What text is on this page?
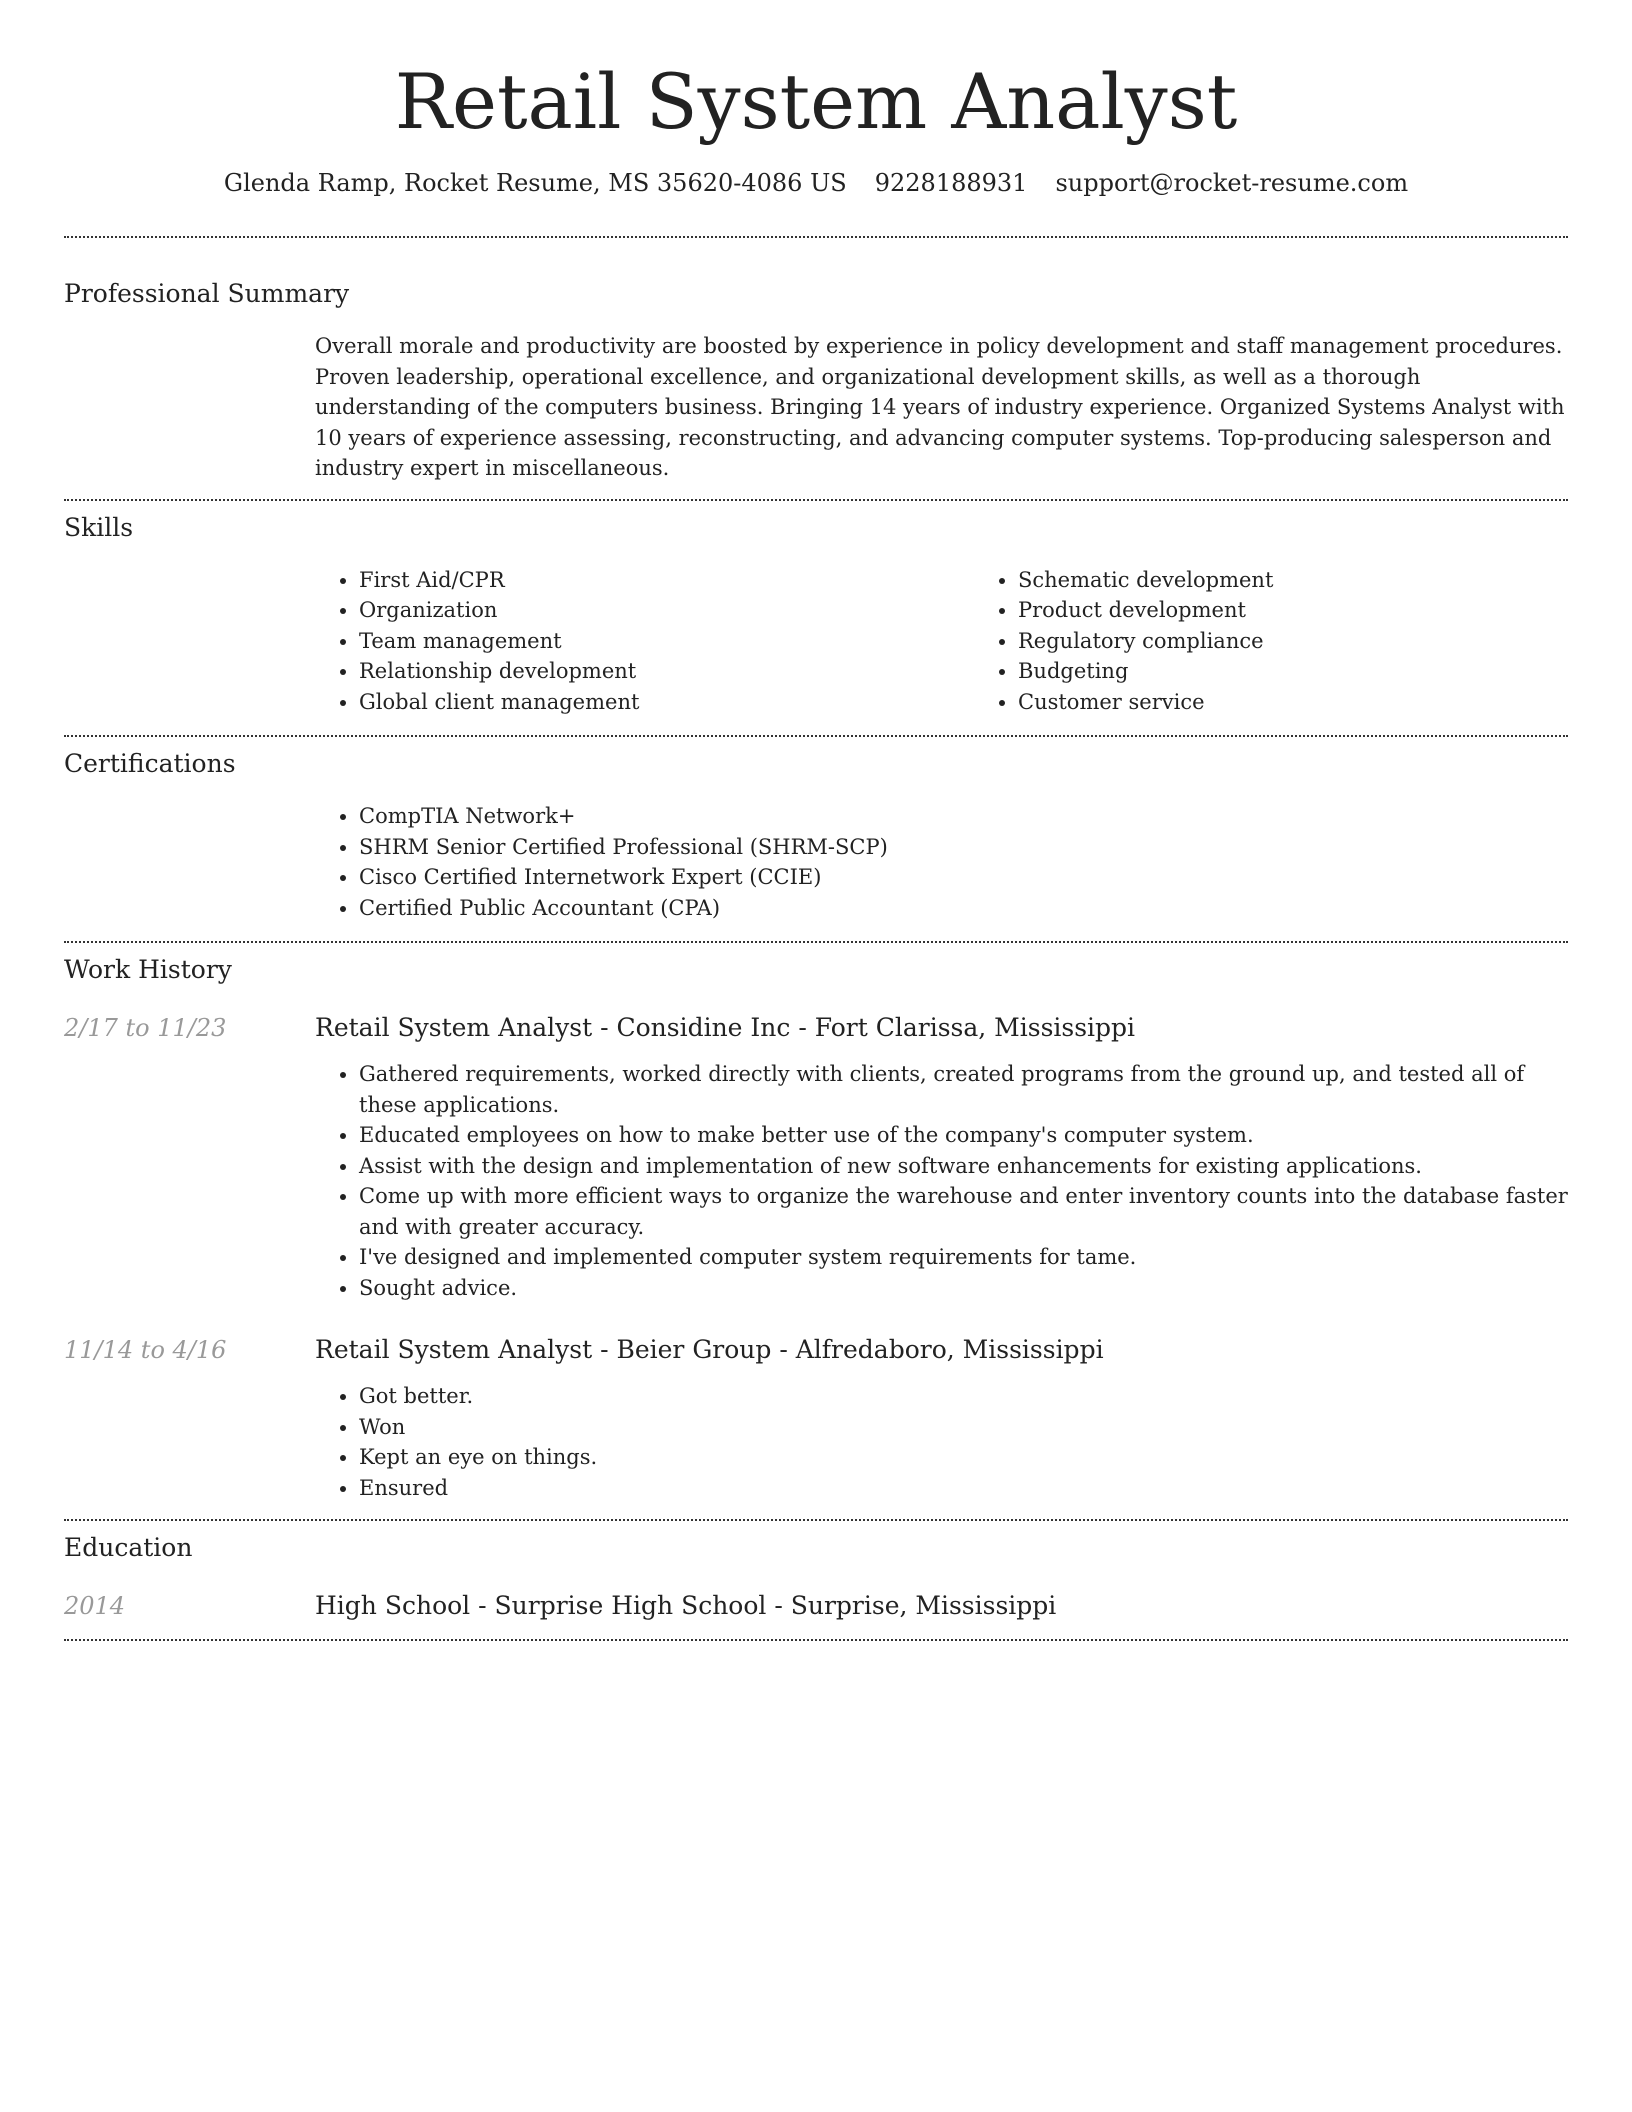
Retail System Analyst
Glenda Ramp, Rocket Resume, MS 35620-4086 US 9228188931 support@rocket-resume.com
Professional Summary

Overall morale and productivity are boosted by experience in policy development and staff management procedures. Proven leadership, operational excellence, and organizational development skills, as well as a thorough understanding of the computers business. Bringing 14 years of industry experience. Organized Systems Analyst with 10 years of experience assessing, reconstructing, and advancing computer systems. Top-producing salesperson and industry expert in miscellaneous.

Skills
• First Aid/CPR
• Organization
• Team management
• Relationship development
• Global client management
• Schematic development
• Product development
• Regulatory compliance
• Budgeting
• Customer service
Certifications
• CompTIA Network+
• SHRM Senior Certified Professional (SHRM-SCP)
• Cisco Certified Internetwork Expert (CCIE)
• Certified Public Accountant (CPA)
Work History
2/17 to 11/23	Retail System Analyst - Considine Inc - Fort Clarissa, Mississippi
• Gathered requirements, worked directly with clients, created programs from the ground up, and tested all of these applications.
• Educated employees on how to make better use of the company's computer system.
• Assist with the design and implementation of new software enhancements for existing applications.
• Come up with more efficient ways to organize the warehouse and enter inventory counts into the database faster and with greater accuracy.
• I've designed and implemented computer system requirements for tame.
• Sought advice.
11/14 to 4/16	Retail System Analyst - Beier Group - Alfredaboro, Mississippi
• Got better.
• Won
• Kept an eye on things.
• Ensured
Education
2014	High School - Surprise High School - Surprise, Mississippi
